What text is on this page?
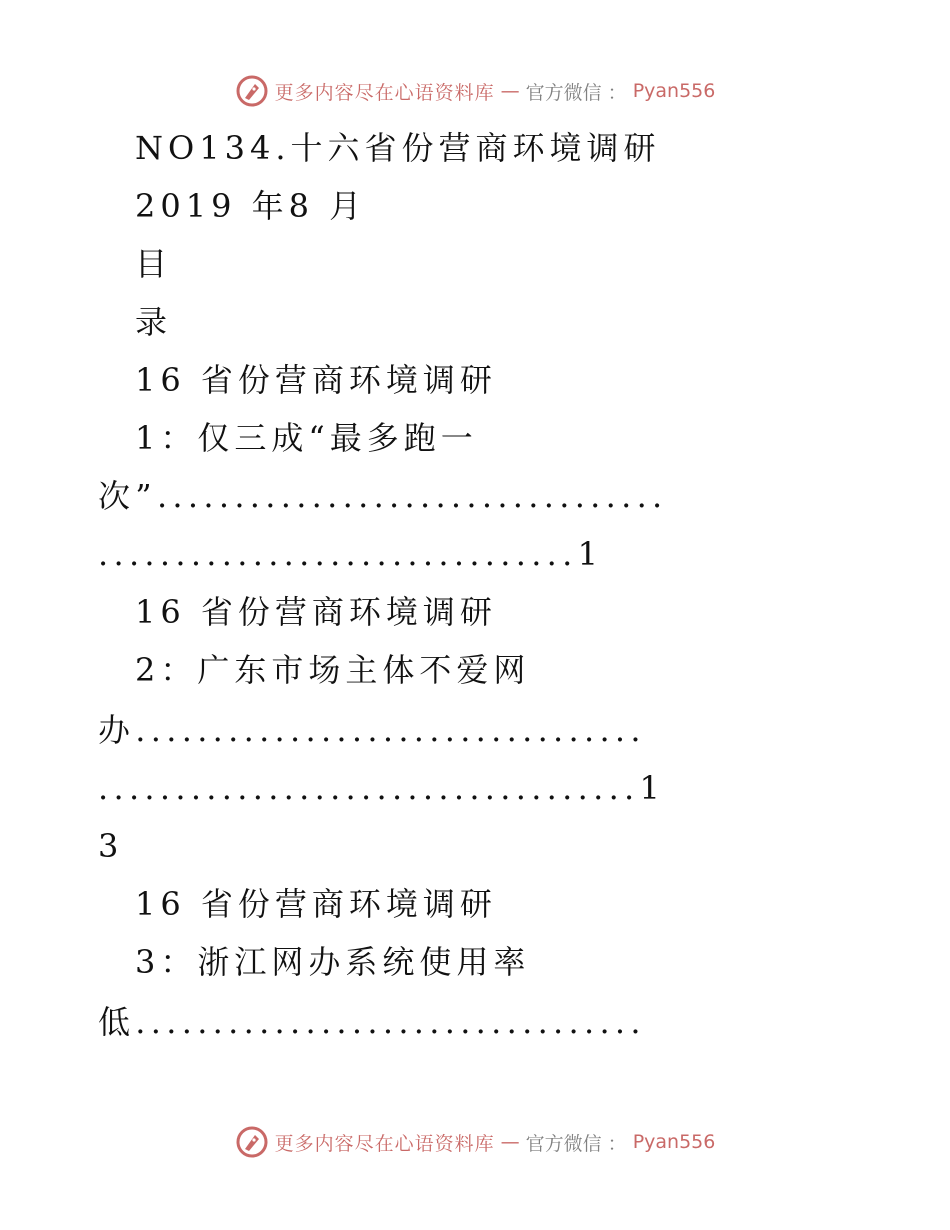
更多内容尽在心语资料库 — 官方微信 ： Pyan556
NO134.十六省份营商环境调研
2019 年8 月
目
录
16 省份营商环境调研
1：仅三成“最多跑一
次”.................................
...............................1
16 省份营商环境调研
2：广东市场主体不爱网
办.................................
...................................1
3
16 省份营商环境调研
3：浙江网办系统使用率
低.................................
更多内容尽在心语资料库 — 官方微信 ： Pyan556
